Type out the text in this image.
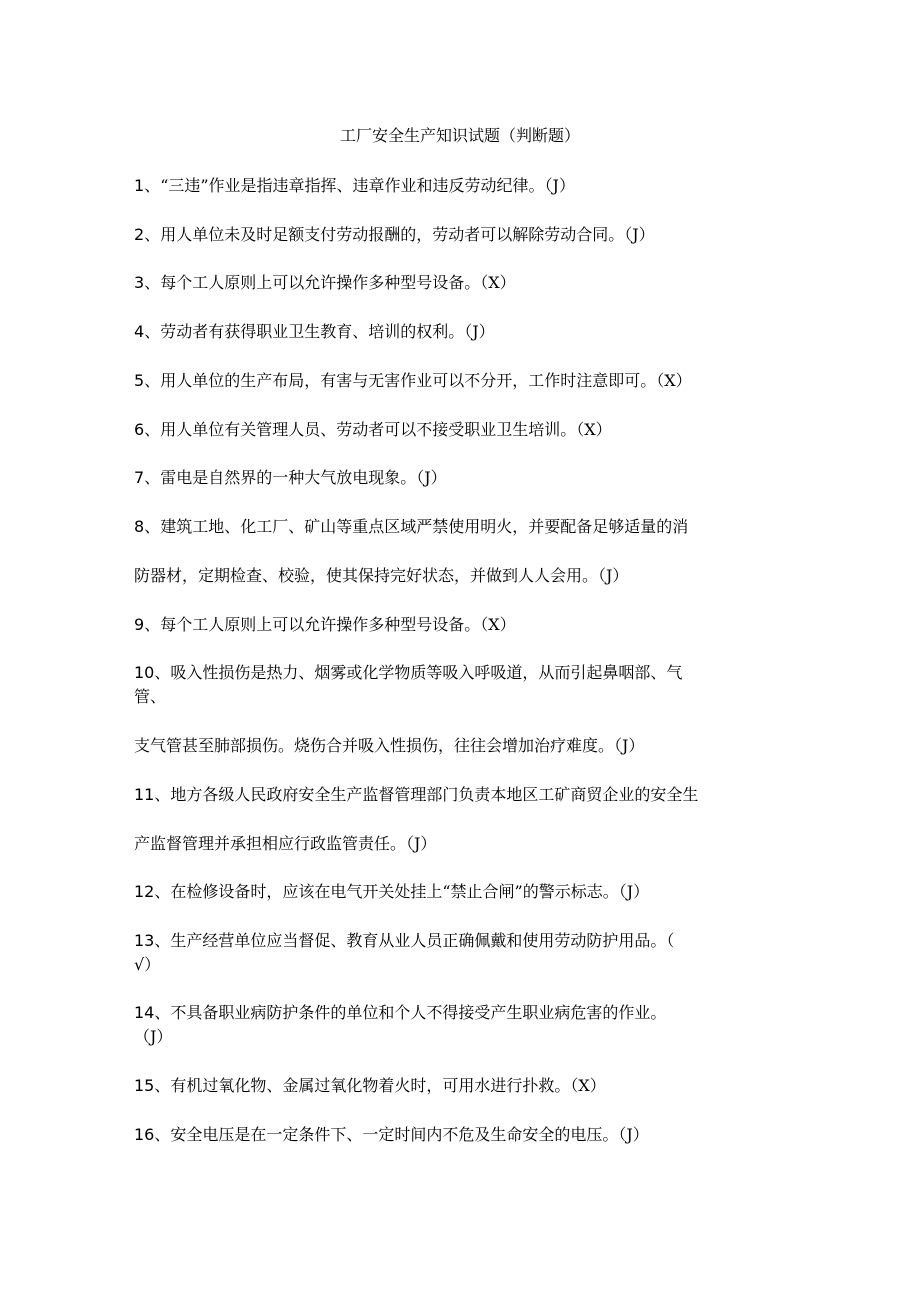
工厂安全生产知识试题（判断题）
1、“三违”作业是指违章指挥、违章作业和违反劳动纪律。（J）
2、用人单位未及时足额支付劳动报酬的，劳动者可以解除劳动合同。（J）
3、每个工人原则上可以允许操作多种型号设备。（X）
4、劳动者有获得职业卫生教育、培训的权利。（J）
5、用人单位的生产布局，有害与无害作业可以不分开，工作时注意即可。（X）
6、用人单位有关管理人员、劳动者可以不接受职业卫生培训。（X）
7、雷电是自然界的一种大气放电现象。（J）
8、建筑工地、化工厂、矿山等重点区域严禁使用明火，并要配备足够适量的消
防器材，定期检查、校验，使其保持完好状态，并做到人人会用。（J）
9、每个工人原则上可以允许操作多种型号设备。（X）
10、吸入性损伤是热力、烟雾或化学物质等吸入呼吸道，从而引起鼻咽部、气
管、
支气管甚至肺部损伤。烧伤合并吸入性损伤，往往会增加治疗难度。（J）
11、地方各级人民政府安全生产监督管理部门负责本地区工矿商贸企业的安全生
产监督管理并承担相应行政监管责任。（J）
12、在检修设备时，应该在电气开关处挂上“禁止合闸”的警示标志。（J）
13、生产经营单位应当督促、教育从业人员正确佩戴和使用劳动防护用品。（
√）
14、不具备职业病防护条件的单位和个人不得接受产生职业病危害的作业。
（J）
15、有机过氧化物、金属过氧化物着火时，可用水进行扑救。（X）
16、安全电压是在一定条件下、一定时间内不危及生命安全的电压。（J）
